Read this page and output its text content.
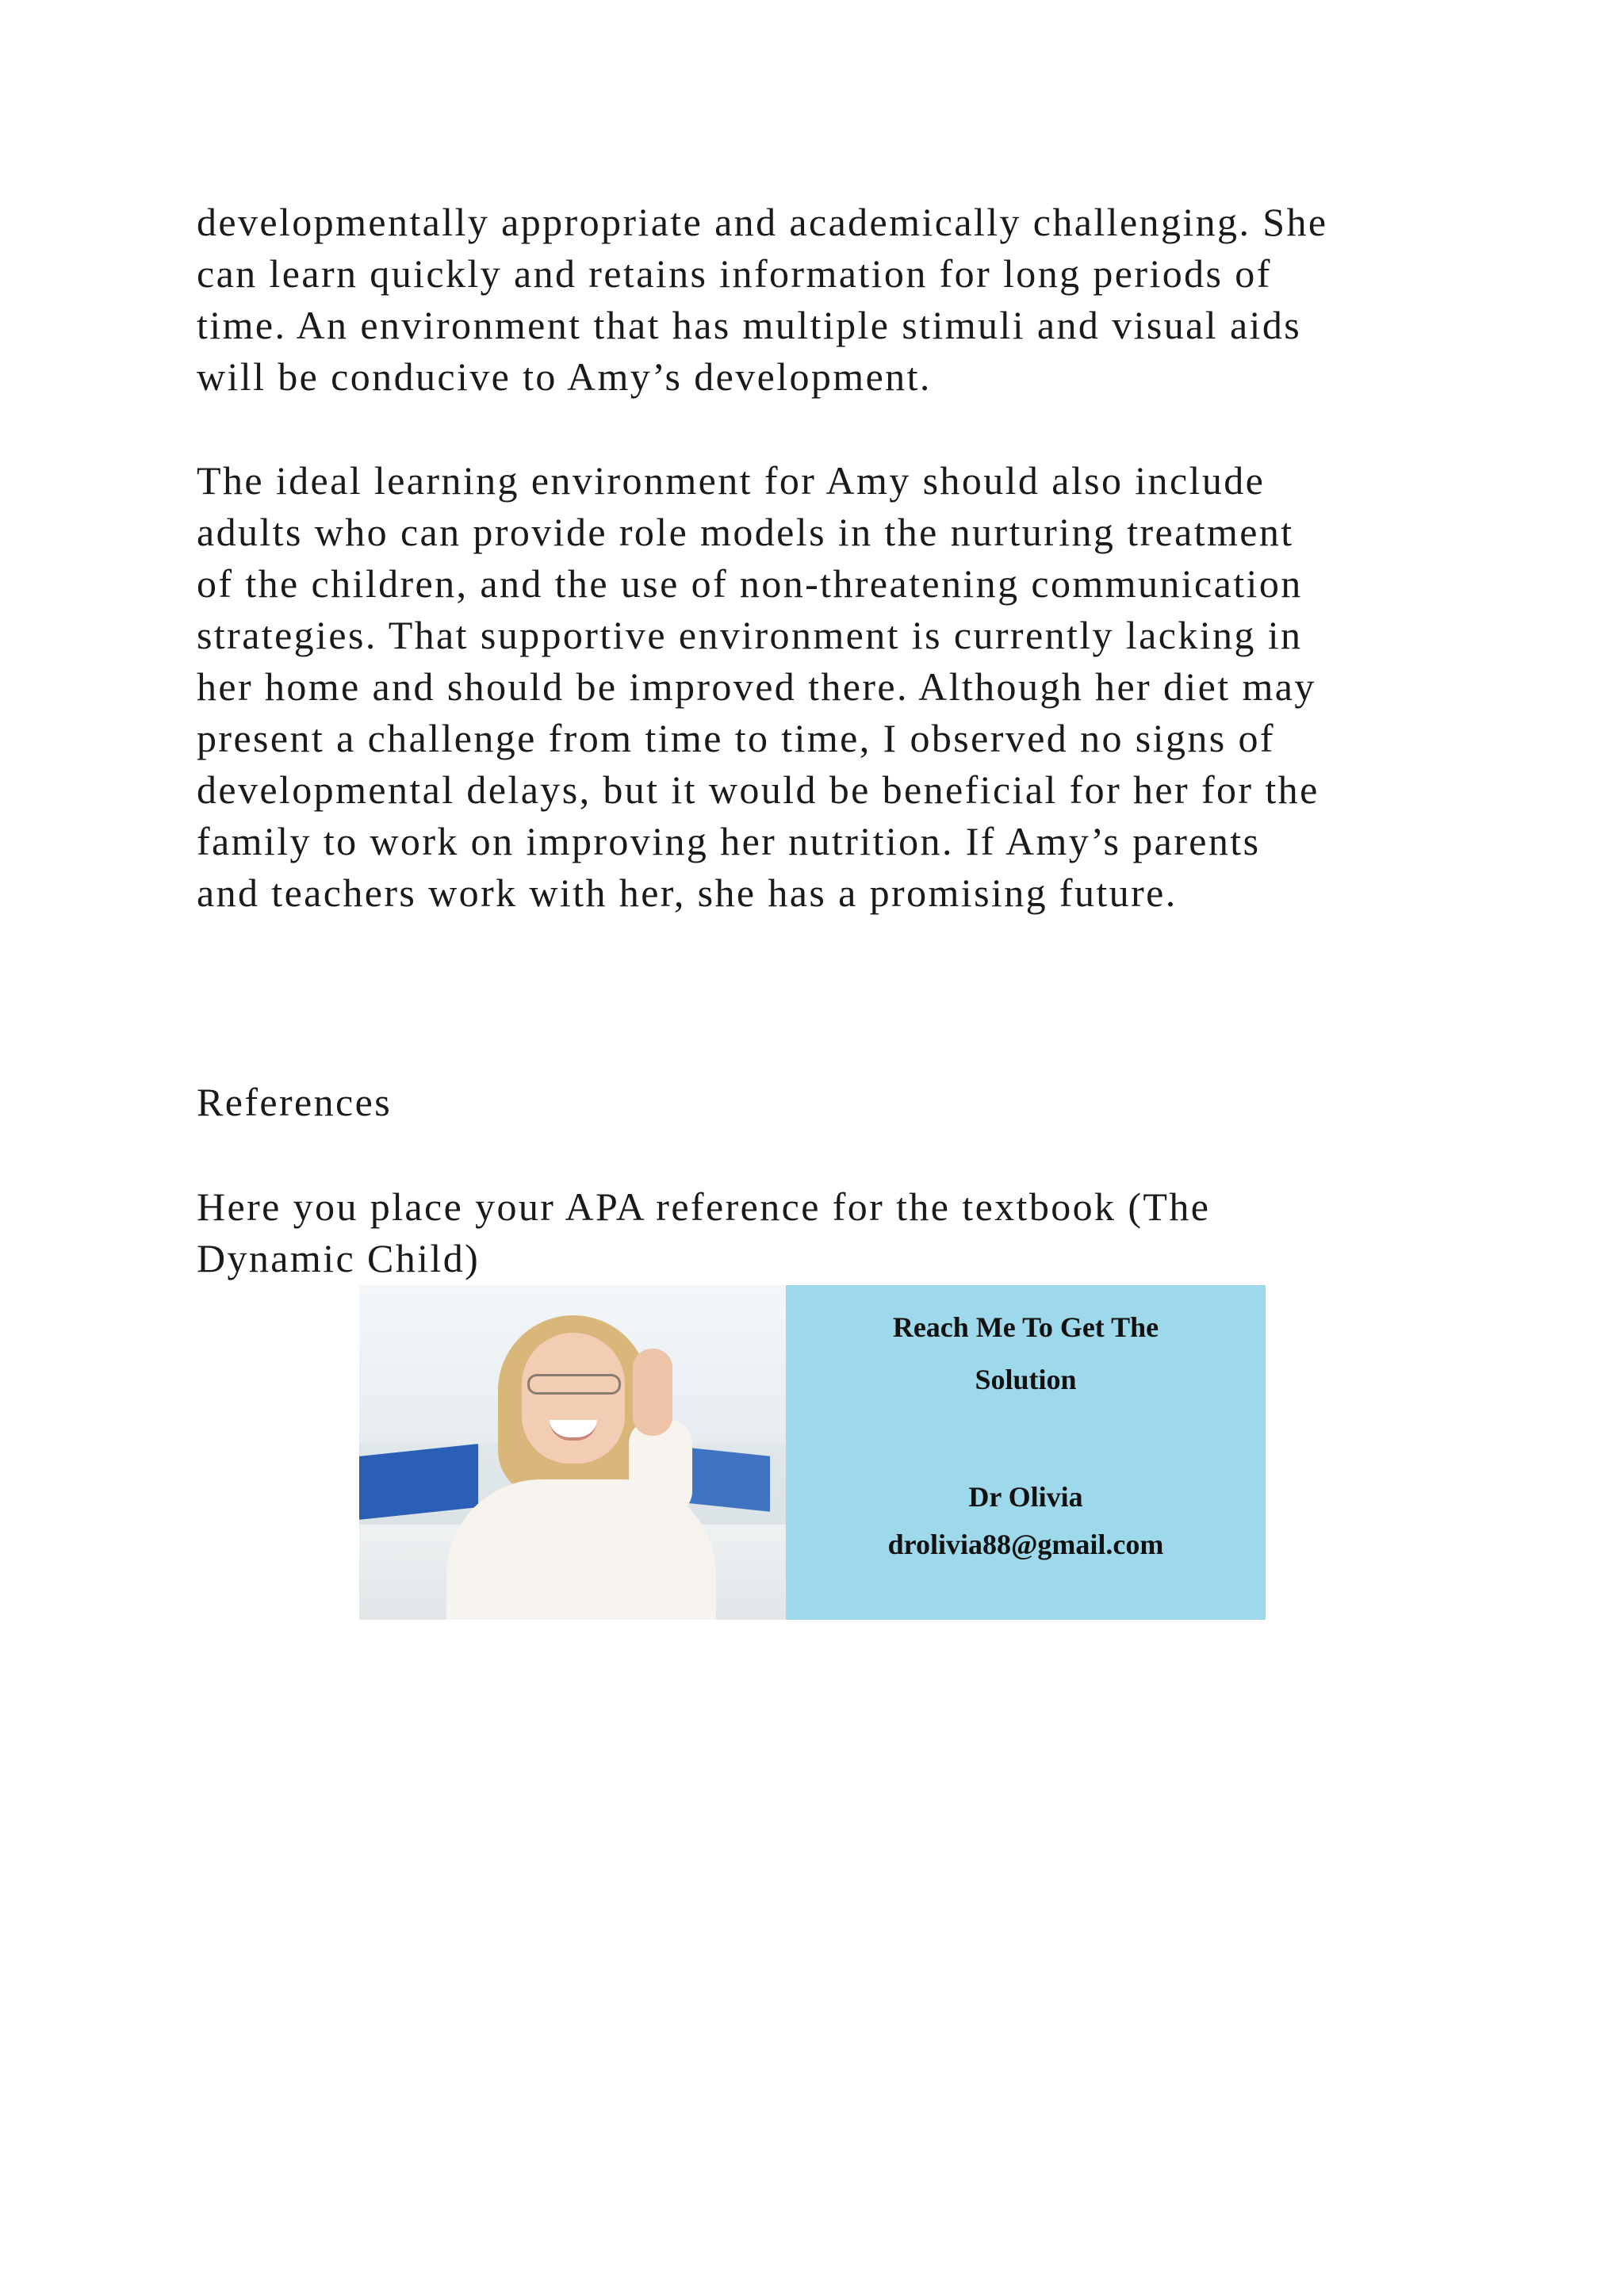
developmentally appropriate and academically challenging. She
can learn quickly and retains information for long periods of
time. An environment that has multiple stimuli and visual aids
will be conducive to Amy’s development.
The ideal learning environment for Amy should also include
adults who can provide role models in the nurturing treatment
of the children, and the use of non-threatening communication
strategies. That supportive environment is currently lacking in
her home and should be improved there. Although her diet may
present a challenge from time to time, I observed no signs of
developmental delays, but it would be beneficial for her for the
family to work on improving her nutrition. If Amy’s parents
and teachers work with her, she has a promising future.
References
Here you place your APA reference for the textbook (The
Dynamic Child)
Reach Me To Get The
Solution
Dr Olivia
drolivia88@gmail.com
